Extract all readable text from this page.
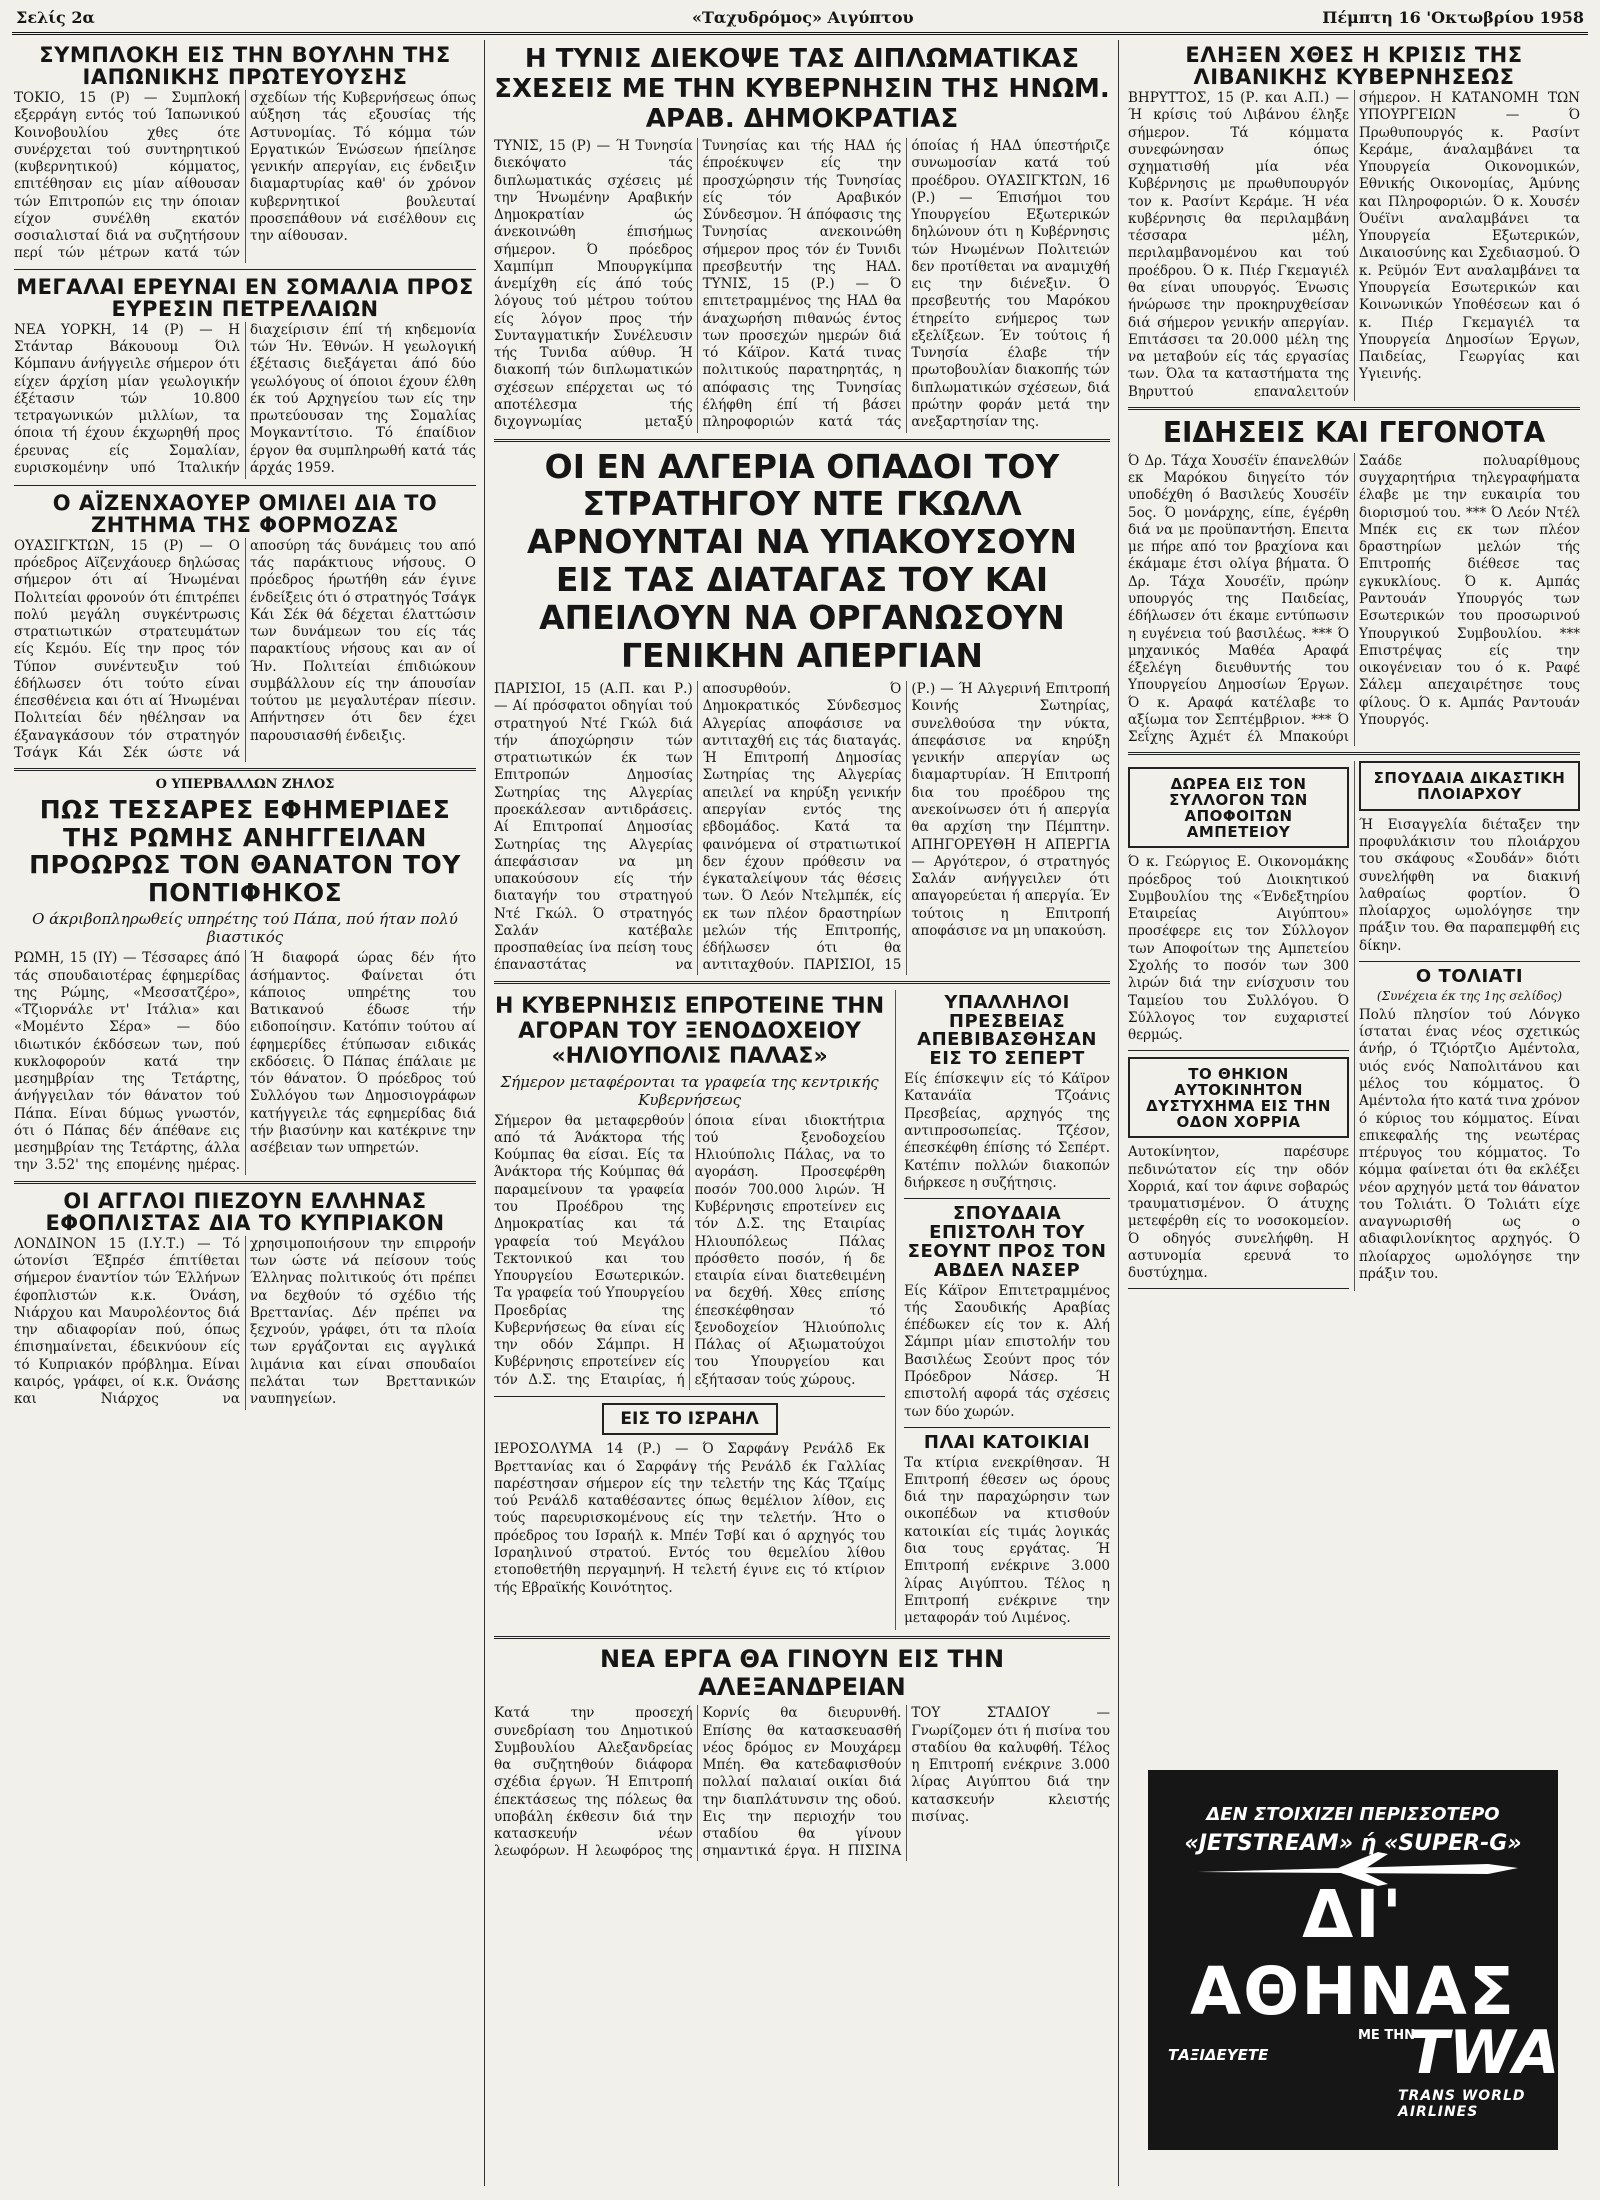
Σελίς 2α	«Ταχυδρόμος» Αιγύπτου	Πέμπτη 16 'Οκτωβρίου 1958
ΣΥΜΠΛΟΚΗ ΕΙΣ ΤΗΝ ΒΟΥΛΗΝ ΤΗΣ ΙΑΠΩΝΙΚΗΣ ΠΡΩΤΕΥΟΥΣΗΣ

ΤΟΚΙΟ, 15 (Ρ) — Συμπλοκή εξερράγη εντός τού Ίαπωνικού Κοινοβουλίου χθες ότε συνέρχεται τού συντηρητικού (κυβερνητικού) κόμματος, επιτέθησαν εις μίαν αίθουσαν τών Επιτροπών εις την όποιαν είχον συνέλθη εκατόν σοσιαλισταί διά να συζητήσουν περί τών μέτρων κατά τών σχεδίων τής Κυβερνήσεως όπως αύξηση τάς εξουσίας τής Αστυνομίας. Τό κόμμα τών Εργατικών Ένώσεων ήπείλησε γενικήν απεργίαν, εις ένδειξιν διαμαρτυρίας καθ' όν χρόνον κυβερνητικοί βουλευταί προσεπάθουν νά εισέλθουν εις την αίθουσαν.

ΜΕΓΑΛΑΙ ΕΡΕΥΝΑΙ ΕΝ ΣΟΜΑΛΙΑ ΠΡΟΣ ΕΥΡΕΣΙΝ ΠΕΤΡΕΛΑΙΩΝ

ΝΕΑ ΥΟΡΚΗ, 14 (Ρ) — Η Στάνταρ Βάκουουμ Όιλ Κόμπανυ άνήγγειλε σήμερον ότι είχεν άρχίση μίαν γεωλογικήν έξέτασιν τών 10.800 τετραγωνικών μιλλίων, τα όποια τή έχουν έκχωρηθή προς έρευνας είς Σομαλίαν, ευρισκομένην υπό Ίταλικήν διαχείρισιν έπί τή κηδεμονία τών Ήν. Έθνών. Η γεωλογική έξέτασις διεξάγεται άπό δύο γεωλόγους οί όποιοι έχουν έλθη έκ τού Αρχηγείου των είς την πρωτεύουσαν της Σομαλίας Μογκαντίτσιο. Τό έπαίδιον έργον θα συμπληρωθή κατά τάς άρχάς 1959.

Ο ΑΪΖΕΝΧΑΟΥΕΡ ΟΜΙΛΕΙ ΔΙΑ ΤΟ ΖΗΤΗΜΑ ΤΗΣ ΦΟΡΜΟΖΑΣ

ΟΥΑΣΙΓΚΤΩΝ, 15 (Ρ) — Ο πρόεδρος Αϊζενχάουερ δηλώσας σήμερον ότι αί Ήνωμέναι Πολιτείαι φρονούν ότι έπιτρέπει πολύ μεγάλη συγκέντρωσις στρατιωτικών στρατευμάτων είς Κεμόυ. Είς την προς τόν Τύπον συνέντευξιν τού έδήλωσεν ότι τούτο είναι έπεσθένεια και ότι αί Ήνωμέναι Πολιτείαι δέν ηθέλησαν να έξαναγκάσουν τόν στρατηγόν Τσάγκ Κάι Σέκ ώστε νά αποσύρη τάς δυνάμεις του από τάς παράκτιους νήσους. Ο πρόεδρος ήρωτήθη εάν έγινε ένδείξεις ότι ό στρατηγός Τσάγκ Κάι Σέκ θά δέχεται έλαττώσιν των δυνάμεων του είς τάς παρακτίους νήσους και αν οί Ήν. Πολιτείαι έπιδιώκουν συμβάλλουν είς την άπουσίαν τούτου με μεγαλυτέραν πίεσιν. Απήντησεν ότι δεν έχει παρουσιασθή ένδειξις.

Ο ΥΠΕΡΒΑΛΛΩΝ ΖΗΛΟΣ
ΠΩΣ ΤΕΣΣΑΡΕΣ ΕΦΗΜΕΡΙΔΕΣ ΤΗΣ ΡΩΜΗΣ ΑΝΗΓΓΕΙΛΑΝ ΠΡΟΩΡΩΣ ΤΟΝ ΘΑΝΑΤΟΝ ΤΟΥ ΠΟΝΤΙΦΗΚΟΣ
Ο άκριβοπληρωθείς υπηρέτης τού Πάπα, πού ήταν πολύ βιαστικός

ΡΩΜΗ, 15 (ΙΥ) — Τέσσαρες άπό τάς σπουδαιοτέρας έφημερίδας της Ρώμης, «Μεσσατζέρο», «Τζιορνάλε ντ' Ιτάλια» και «Μομέντο Σέρα» — δύο ιδιωτικόν έκδόσεων των, πού κυκλοφορούν κατά την μεσημβρίαν της Τετάρτης, άνήγγειλαν τόν θάνατον τού Πάπα. Είναι δύμως γνωστόν, ότι ό Πάπας δέν άπέθανε εις μεσημβρίαν της Τετάρτης, άλλα την 3.52' της επομένης ημέρας. Ή διαφορά ώρας δέν ήτο άσήμαντος. Φαίνεται ότι κάποιος υπηρέτης του Βατικανού έδωσε τήν ειδοποίησιν. Κατόπιν τούτου αί έφημερίδες έτύπωσαν ειδικάς εκδόσεις. Ό Πάπας έπάλαιε με τόν θάνατον. Ό πρόεδρος τού Συλλόγου των Δημοσιογράφων κατήγγειλε τάς εφημερίδας διά τήν βιασύνην και κατέκρινε την ασέβειαν των υπηρετών.

ΟΙ ΑΓΓΛΟΙ ΠΙΕΖΟΥΝ ΕΛΛΗΝΑΣ ΕΦΟΠΛΙΣΤΑΣ ΔΙΑ ΤΟ ΚΥΠΡΙΑΚΟΝ

ΛΟΝΔΙΝΟΝ 15 (Ι.Υ.Τ.) — Τό ώτονίσι Έξπρέσ έπιτίθεται σήμερον έναντίον τών Έλλήνων έφοπλιστών κ.κ. Όνάση, Νιάρχου και Μαυρολέοντος διά την αδιαφορίαν πού, όπως έπισημαίνεται, έδεικνύουν είς τό Κυπριακόν πρόβλημα. Είναι καιρός, γράφει, οί κ.κ. Όνάσης και Νιάρχος να χρησιμοποιήσουν την επιρροήν των ώστε νά πείσουν τούς Έλληνας πολιτικούς ότι πρέπει να δεχθούν τό σχέδιο τής Βρεττανίας. Δέν πρέπει να ξεχνούν, γράφει, ότι τα πλοία των εργάζονται εις αγγλικά λιμάνια και είναι σπουδαίοι πελάται των Βρεττανικών ναυπηγείων.

Η ΤΥΝΙΣ ΔΙΕΚΟΨΕ ΤΑΣ ΔΙΠΛΩΜΑΤΙΚΑΣ ΣΧΕΣΕΙΣ ΜΕ ΤΗΝ ΚΥΒΕΡΝΗΣΙΝ ΤΗΣ ΗΝΩΜ. ΑΡΑΒ. ΔΗΜΟΚΡΑΤΙΑΣ

ΤΥΝΙΣ, 15 (Ρ) — Ή Τυνησία διεκόψατο τάς διπλωματικάς σχέσεις μέ την Ήνωμένην Αραβικήν Δημοκρατίαν ώς άνεκοινώθη έπισήμως σήμερον. Ό πρόεδρος Χαμπίμπ Μπουργκίμπα άνεμίχθη είς άπό τούς λόγους τού μέτρου τούτου είς λόγον προς τήν Συνταγματικήν Συνέλευσιν τής Τυνιδα αύθυρ. Ή διακοπή τών διπλωματικών σχέσεων επέρχεται ως τό αποτέλεσμα τής διχογνωμίας μεταξύ Τυνησίας και τής ΗΑΔ ής έπροέκυψεν είς την προσχώρησιν τής Τυνησίας είς τόν Αραβικόν Σύνδεσμον. Ή άπόφασις της Τυνησίας ανεκοινώθη σήμερον προς τόν έν Τυνιδι πρεσβευτήν της ΗΑΔ. ΤΥΝΙΣ, 15 (Ρ.) — Ό επιτετραμμένος της ΗΑΔ θα άναχωρήση πιθανώς έντος των προσεχών ημερών διά τό Κάϊρον. Κατά τινας πολιτικούς παρατηρητάς, η απόφασις της Τυνησίας έλήφθη έπί τή βάσει πληροφοριών κατά τάς όποίας ή ΗΑΔ ύπεστήριζε συνωμοσίαν κατά τού προέδρου. ΟΥΑΣΙΓΚΤΩΝ, 16 (Ρ.) — Έπισήμοι του Υπουργείου Εξωτερικών δηλώνουν ότι η Κυβέρνησις τών Ηνωμένων Πολιτειών δεν προτίθεται να αναμιχθή εις την διένεξιν. Ό πρεσβευτής του Μαρόκου έτηρείτο ενήμερος των εξελίξεων. Έν τούτοις ή Τυνησία έλαβε τήν πρωτοβουλίαν διακοπής τών διπλωματικών σχέσεων, διά πρώτην φοράν μετά την ανεξαρτησίαν της.

ΟΙ ΕΝ ΑΛΓΕΡΙΑ ΟΠΑΔΟΙ ΤΟΥ ΣΤΡΑΤΗΓΟΥ ΝΤΕ ΓΚΩΛΛ ΑΡΝΟΥΝΤΑΙ ΝΑ ΥΠΑΚΟΥΣΟΥΝ ΕΙΣ ΤΑΣ ΔΙΑΤΑΓΑΣ ΤΟΥ ΚΑΙ ΑΠΕΙΛΟΥΝ ΝΑ ΟΡΓΑΝΩΣΟΥΝ ΓΕΝΙΚΗΝ ΑΠΕΡΓΙΑΝ

ΠΑΡΙΣΙΟΙ, 15 (Α.Π. και Ρ.) — Αί πρόσφατοι οδηγίαι τού στρατηγού Ντέ Γκώλ διά τήν άποχώρησιν τών στρατιωτικών έκ των Επιτροπών Δημοσίας Σωτηρίας της Αλγερίας προεκάλεσαν αντιδράσεις. Αί Επιτροπαί Δημοσίας Σωτηρίας της Αλγερίας άπεφάσισαν να μη υπακούσουν είς τήν διαταγήν του στρατηγού Ντέ Γκώλ. Ό στρατηγός Σαλάν κατέβαλε προσπαθείας ίνα πείση τους έπαναστάτας να αποσυρθούν. Ό Δημοκρατικός Σύνδεσμος Αλγερίας αποφάσισε να αντιταχθή εις τάς διαταγάς. Ή Επιτροπή Δημοσίας Σωτηρίας της Αλγερίας απειλεί να κηρύξη γενικήν απεργίαν εντός της εβδομάδος. Κατά τα φαινόμενα οί στρατιωτικοί δεν έχουν πρόθεσιν να έγκαταλείψουν τάς θέσεις των. Ό Λεόν Ντελμπέκ, είς εκ των πλέον δραστηρίων μελών τής Επιτροπής, έδήλωσεν ότι θα αντιταχθούν. ΠΑΡΙΣΙΟΙ, 15 (Ρ.) — Ή Αλγερινή Επιτροπή Κοινής Σωτηρίας, συνελθούσα την νύκτα, άπεφάσισε να κηρύξη γενικήν απεργίαν ως διαμαρτυρίαν. Ή Επιτροπή δια του προέδρου της ανεκοίνωσεν ότι ή απεργία θα αρχίση την Πέμπτην. ΑΠΗΓΟΡΕΥΘΗ Η ΑΠΕΡΓΙΑ — Αργότερον, ό στρατηγός Σαλάν ανήγγειλεν ότι απαγορεύεται ή απεργία. Έν τούτοις η Επιτροπή αποφάσισε να μη υπακούση.

Η ΚΥΒΕΡΝΗΣΙΣ ΕΠΡΟΤΕΙΝΕ ΤΗΝ ΑΓΟΡΑΝ ΤΟΥ ΞΕΝΟΔΟΧΕΙΟΥ «ΗΛΙΟΥΠΟΛΙΣ ΠΑΛΑΣ»
Σήμερον μεταφέρονται τα γραφεία της κεντρικής Κυβερνήσεως

Σήμερον θα μεταφερθούν από τά Άνάκτορα τής Κούμπας θα είσαι. Είς τα Άνάκτορα τής Κούμπας θά παραμείνουν τα γραφεία του Προέδρου της Δημοκρατίας και τά γραφεία τού Μεγάλου Τεκτονικού και του Υπουργείου Εσωτερικών. Τα γραφεία τού Υπουργείου Προεδρίας της Κυβερνήσεως θα είναι είς την οδόν Σάμπρι. Η Κυβέρνησις επροτείνεν είς τόν Δ.Σ. της Εταιρίας, ή όποια είναι ιδιοκτήτρια τού ξενοδοχείου Ηλιούπολις Πάλας, να το αγοράση. Προσεφέρθη ποσόν 700.000 λιρών. Ή Κυβέρνησις επροτείνεν εις τόν Δ.Σ. της Εταιρίας Ηλιουπόλεως Πάλας πρόσθετο ποσόν, ή δε εταιρία είναι διατεθειμένη να δεχθή. Χθες επίσης έπεσκέφθησαν τό ξενοδοχείον Ήλιούπολις Πάλας οί Αξιωματούχοι του Υπουργείου και εξήτασαν τούς χώρους.

ΕΙΣ ΤΟ ΙΣΡΑΗΛ

ΙΕΡΟΣΟΛΥΜΑ 14 (Ρ.) — Ό Σαρφάνγ Ρενάλδ Εκ Βρεττανίας και ό Σαρφάνγ τής Ρενάλδ έκ Γαλλίας παρέστησαν σήμερον είς την τελετήν της Κάς Τζαίμς τού Ρενάλδ καταθέσαντες όπως θεμέλιον λίθον, εις τούς παρευρισκομένους είς την τελετήν. Ήτο ο πρόεδρος του Ισραήλ κ. Μπέν Τσβί και ό αρχηγός του Ισραηλινού στρατού. Εντός του θεμελίου λίθου ετοποθετήθη περγαμηνή. Η τελετή έγινε εις τό κτίριον τής Εβραϊκής Κοινότητος.

ΥΠΑΛΛΗΛΟΙ ΠΡΕΣΒΕΙΑΣ ΑΠΕΒΙΒΑΣΘΗΣΑΝ ΕΙΣ ΤΟ ΣΕΠΕΡΤ

Είς έπίσκεψιν είς τό Κάϊρον Κατανάϊα Τζοάνις Πρεσβείας, αρχηγός της αντιπροσωπείας. Τζέσον, έπεσκέφθη έπίσης τό Σεπέρτ. Κατέπιν πολλών διακοπών διήρκεσε η συζήτησις.

ΣΠΟΥΔΑΙΑ ΕΠΙΣΤΟΛΗ ΤΟΥ ΣΕΟΥΝΤ ΠΡΟΣ ΤΟΝ ΑΒΔΕΛ ΝΑΣΕΡ

Είς Κάϊρον Επιτετραμμένος τής Σαουδικής Αραβίας έπέδωκεν είς τον κ. Αλή Σάμπρι μίαν επιστολήν του Βασιλέως Σεούντ προς τόν Πρόεδρον Νάσερ. Ή επιστολή αφορά τάς σχέσεις των δύο χωρών.

ΠΛΑΙ ΚΑΤΟΙΚΙΑΙ

Τα κτίρια ενεκρίθησαν. Ή Επιτροπή έθεσεν ως όρους διά την παραχώρησιν των οικοπέδων να κτισθούν κατοικίαι είς τιμάς λογικάς δια τους εργάτας. Ή Επιτροπή ενέκρινε 3.000 λίρας Αιγύπτου. Τέλος η Επιτροπή ενέκρινε την μεταφοράν τού Λιμένος.

ΝΕΑ ΕΡΓΑ ΘΑ ΓΙΝΟΥΝ ΕΙΣ ΤΗΝ ΑΛΕΞΑΝΔΡΕΙΑΝ

Κατά την προσεχή συνεδρίαση του Δημοτικού Συμβουλίου Αλεξανδρείας θα συζητηθούν διάφορα σχέδια έργων. Ή Επιτροπή έπεκτάσεως της πόλεως θα υποβάλη έκθεσιν διά την κατασκευήν νέων λεωφόρων. Η λεωφόρος της Κορνίς θα διευρυνθή. Επίσης θα κατασκευασθή νέος δρόμος εν Μουχάρεμ Μπέη. Θα κατεδαφισθούν πολλαί παλαιαί οικίαι διά την διαπλάτυνσιν της οδού. Εις την περιοχήν του σταδίου θα γίνουν σημαντικά έργα. Η ΠΙΣΙΝΑ ΤΟΥ ΣΤΑΔΙΟΥ — Γνωρίζομεν ότι ή πισίνα του σταδίου θα καλυφθή. Τέλος η Επιτροπή ενέκρινε 3.000 λίρας Αιγύπτου διά την κατασκευήν κλειστής πισίνας.

ΕΛΗΞΕΝ ΧΘΕΣ Η ΚΡΙΣΙΣ ΤΗΣ ΛΙΒΑΝΙΚΗΣ ΚΥΒΕΡΝΗΣΕΩΣ

ΒΗΡΥΤΤΟΣ, 15 (Ρ. και Α.Π.) — Ή κρίσις τού Λιβάνου έληξε σήμερον. Τά κόμματα συνεφώνησαν όπως σχηματισθή μία νέα Κυβέρνησις με πρωθυπουργόν τον κ. Ρασίντ Κεράμε. Ή νέα κυβέρνησις θα περιλαμβάνη τέσσαρα μέλη, περιλαμβανομένου και τού προέδρου. Ό κ. Πιέρ Γκεμαγιέλ θα είναι υπουργός. Ένωσις ήνώρωσε την προκηρυχθείσαν διά σήμερον γενικήν απεργίαν. Επιτάσσει τα 20.000 μέλη της να μεταβούν είς τάς εργασίας των. Όλα τα καταστήματα της Βηρυττού επαναλειτούν σήμερον. Η ΚΑΤΑΝΟΜΗ ΤΩΝ ΥΠΟΥΡΓΕΙΩΝ — Ό Πρωθυπουργός κ. Ρασίντ Κεράμε, άναλαμβάνει τα Υπουργεία Οικονομικών, Εθνικής Οικονομίας, Άμύνης και Πληροφοριών. Ό κ. Χουσέν Όυέϊνι αναλαμβάνει τα Υπουργεία Εξωτερικών, Δικαιοσύνης και Σχεδιασμού. Ό κ. Ρεϋμόν Έντ αναλαμβάνει τα Υπουργεία Εσωτερικών και Κοινωνικών Υποθέσεων και ό κ. Πιέρ Γκεμαγιέλ τα Υπουργεία Δημοσίων Έργων, Παιδείας, Γεωργίας και Υγιεινής.

ΕΙΔΗΣΕΙΣ ΚΑΙ ΓΕΓΟΝΟΤΑ

Ό Δρ. Τάχα Χουσέϊν έπανελθών εκ Μαρόκου διηγείτο τόν υποδέχθη ό Βασιλεύς Χουσέϊν 5ος. Ό μονάρχης, είπε, έγέρθη διά να με προϋπαντήση. Επειτα με πήρε από τον βραχίονα και έκάμαμε έτσι ολίγα βήματα. Ό Δρ. Τάχα Χουσέϊν, πρώην υπουργός της Παιδείας, έδήλωσεν ότι έκαμε εντύπωσιν η ευγένεια τού βασιλέως. *** Ό μηχανικός Μαθέα Αραφά έξελέγη διευθυντής του Υπουργείου Δημοσίων Έργων. Ό κ. Αραφά κατέλαβε το αξίωμα τον Σεπτέμβριον. *** Ό Σεΐχης Άχμέτ έλ Μπακούρι Σαάδε πολυαρίθμους συγχαρητήρια τηλεγραφήματα έλαβε με την ευκαιρία του διορισμού του. *** Ό Λεόν Ντέλ Μπέκ εις εκ των πλέον δραστηρίων μελών τής Επιτροπής διέθεσε τας εγκυκλίους. Ό κ. Αμπάς Ραντουάν Υπουργός των Εσωτερικών του προσωρινού Υπουργικού Συμβουλίου. *** Επιστρέψας είς την οικογένειαν του ό κ. Ραφέ Σάλεμ απεχαιρέτησε τους φίλους. Ό κ. Αμπάς Ραντουάν Υπουργός.

ΔΩΡΕΑ ΕΙΣ ΤΟΝ ΣΥΛΛΟΓΟΝ ΤΩΝ ΑΠΟΦΟΙΤΩΝ ΑΜΠΕΤΕΙΟΥ

Ό κ. Γεώργιος Ε. Οικονομάκης πρόεδρος τού Διοικητικού Συμβουλίου της «Ένδεξτηρίου Εταιρείας Αιγύπτου» προσέφερε εις τον Σύλλογον των Αποφοίτων της Αμπετείου Σχολής το ποσόν των 300 λιρών διά την ενίσχυσιν του Ταμείου του Συλλόγου. Ό Σύλλογος τον ευχαριστεί θερμώς.

ΤΟ ΘΗΚΙΟΝ ΑΥΤΟΚΙΝΗΤΟΝ ΔΥΣΤΥΧΗΜΑ ΕΙΣ ΤΗΝ ΟΔΟΝ ΧΟΡΡΙΑ

Αυτοκίνητον, παρέσυρε πεδινώτατον είς την οδόν Χορριά, καί τον άφινε σοβαρώς τραυματισμένον. Ό άτυχης μετεφέρθη είς το νοσοκομείον. Ό οδηγός συνελήφθη. Η αστυνομία ερευνά το δυστύχημα.

ΣΠΟΥΔΑΙΑ ΔΙΚΑΣΤΙΚΗ ΠΛΟΙΑΡΧΟΥ

Ή Εισαγγελία διέταξεν την προφυλάκισιν του πλοιάρχου του σκάφους «Σουδάν» διότι συνελήφθη να διακινή λαθραίως φορτίον. Ό πλοίαρχος ωμολόγησε την πράξιν του. Θα παραπεμφθή εις δίκην.

Ο ΤΟΛΙΑΤΙ
(Συνέχεια έκ της 1ης σελίδος)

Πολύ πλησίον τού Λόνγκο ίσταται ένας νέος σχετικώς άνήρ, ό Τζιόρτζιο Αμέντολα, υιός ενός Ναπολιτάνου και μέλος του κόμματος. Ό Αμέντολα ήτο κατά τινα χρόνον ό κύριος του κόμματος. Είναι επικεφαλής της νεωτέρας πτέρυγος του κόμματος. Το κόμμα φαίνεται ότι θα εκλέξει νέον αρχηγόν μετά τον θάνατον του Τολιάτι. Ό Τολιάτι είχε αναγνωρισθή ως ο αδιαφιλονίκητος αρχηγός. Ό πλοίαρχος ωμολόγησε την πράξιν του.

ΔΕΝ ΣΤΟΙΧΙΖΕΙ ΠΕΡΙΣΣΟΤΕΡΟ
«JETSTREAM» ή «SUPER-G»
ΔΙ' ΑΘΗΝΑΣ
ΤΑΞΙΔΕΥΕΤΕ
ΜΕ ΤΗΝ
TWA
TRANS WORLD AIRLINES
